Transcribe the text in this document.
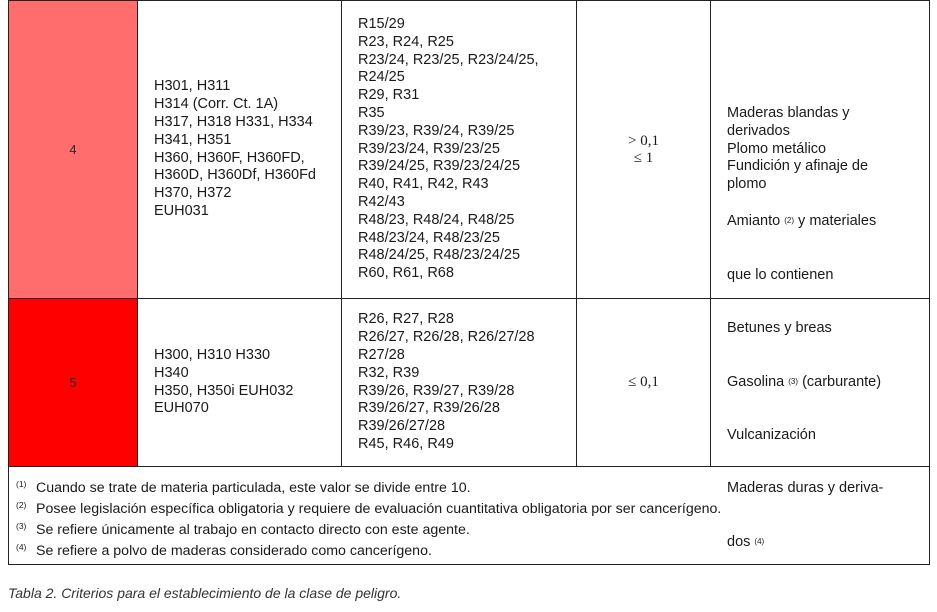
4

H301, H311
H314 (Corr. Ct. 1A)
H317, H318 H331, H334
H341, H351
H360, H360F, H360FD,
H360D, H360Df, H360Fd
H370, H372
EUH031

R15/29
R23, R24, R25
R23/24, R23/25, R23/24/25,
R24/25
R29, R31
R35
R39/23, R39/24, R39/25
R39/23/24, R39/23/25
R39/24/25, R39/23/24/25
R40, R41, R42, R43
R42/43
R48/23, R48/24, R48/25
R48/23/24, R48/23/25
R48/24/25, R48/23/24/25
R60, R61, R68

> 0,1
≤ 1

Maderas blandas y
derivados
Plomo metálico
Fundición y afinaje de
plomo

5

H300, H310 H330
H340
H350, H350i EUH032
EUH070

R26, R27, R28
R26/27, R26/28, R26/27/28
R27/28
R32, R39
R39/26, R39/27, R39/28
R39/26/27, R39/26/28
R39/26/27/28
R45, R46, R49

≤ 0,1

Amianto $^{(2)}$ y materiales

que lo contienen

Betunes y breas

Gasolina $^{(3)}$ (carburante)

Vulcanización

Maderas duras y deriva-

dos $^{(4)}$

(1) Cuando se trate de materia particulada, este valor se divide entre 10.
(2) Posee legislación específica obligatoria y requiere de evaluación cuantitativa obligatoria por ser cancerígeno.
(3) Se refiere únicamente al trabajo en contacto directo con este agente.
(4) Se refiere a polvo de maderas considerado como cancerígeno.
Tabla 2. Criterios para el establecimiento de la clase de peligro.
